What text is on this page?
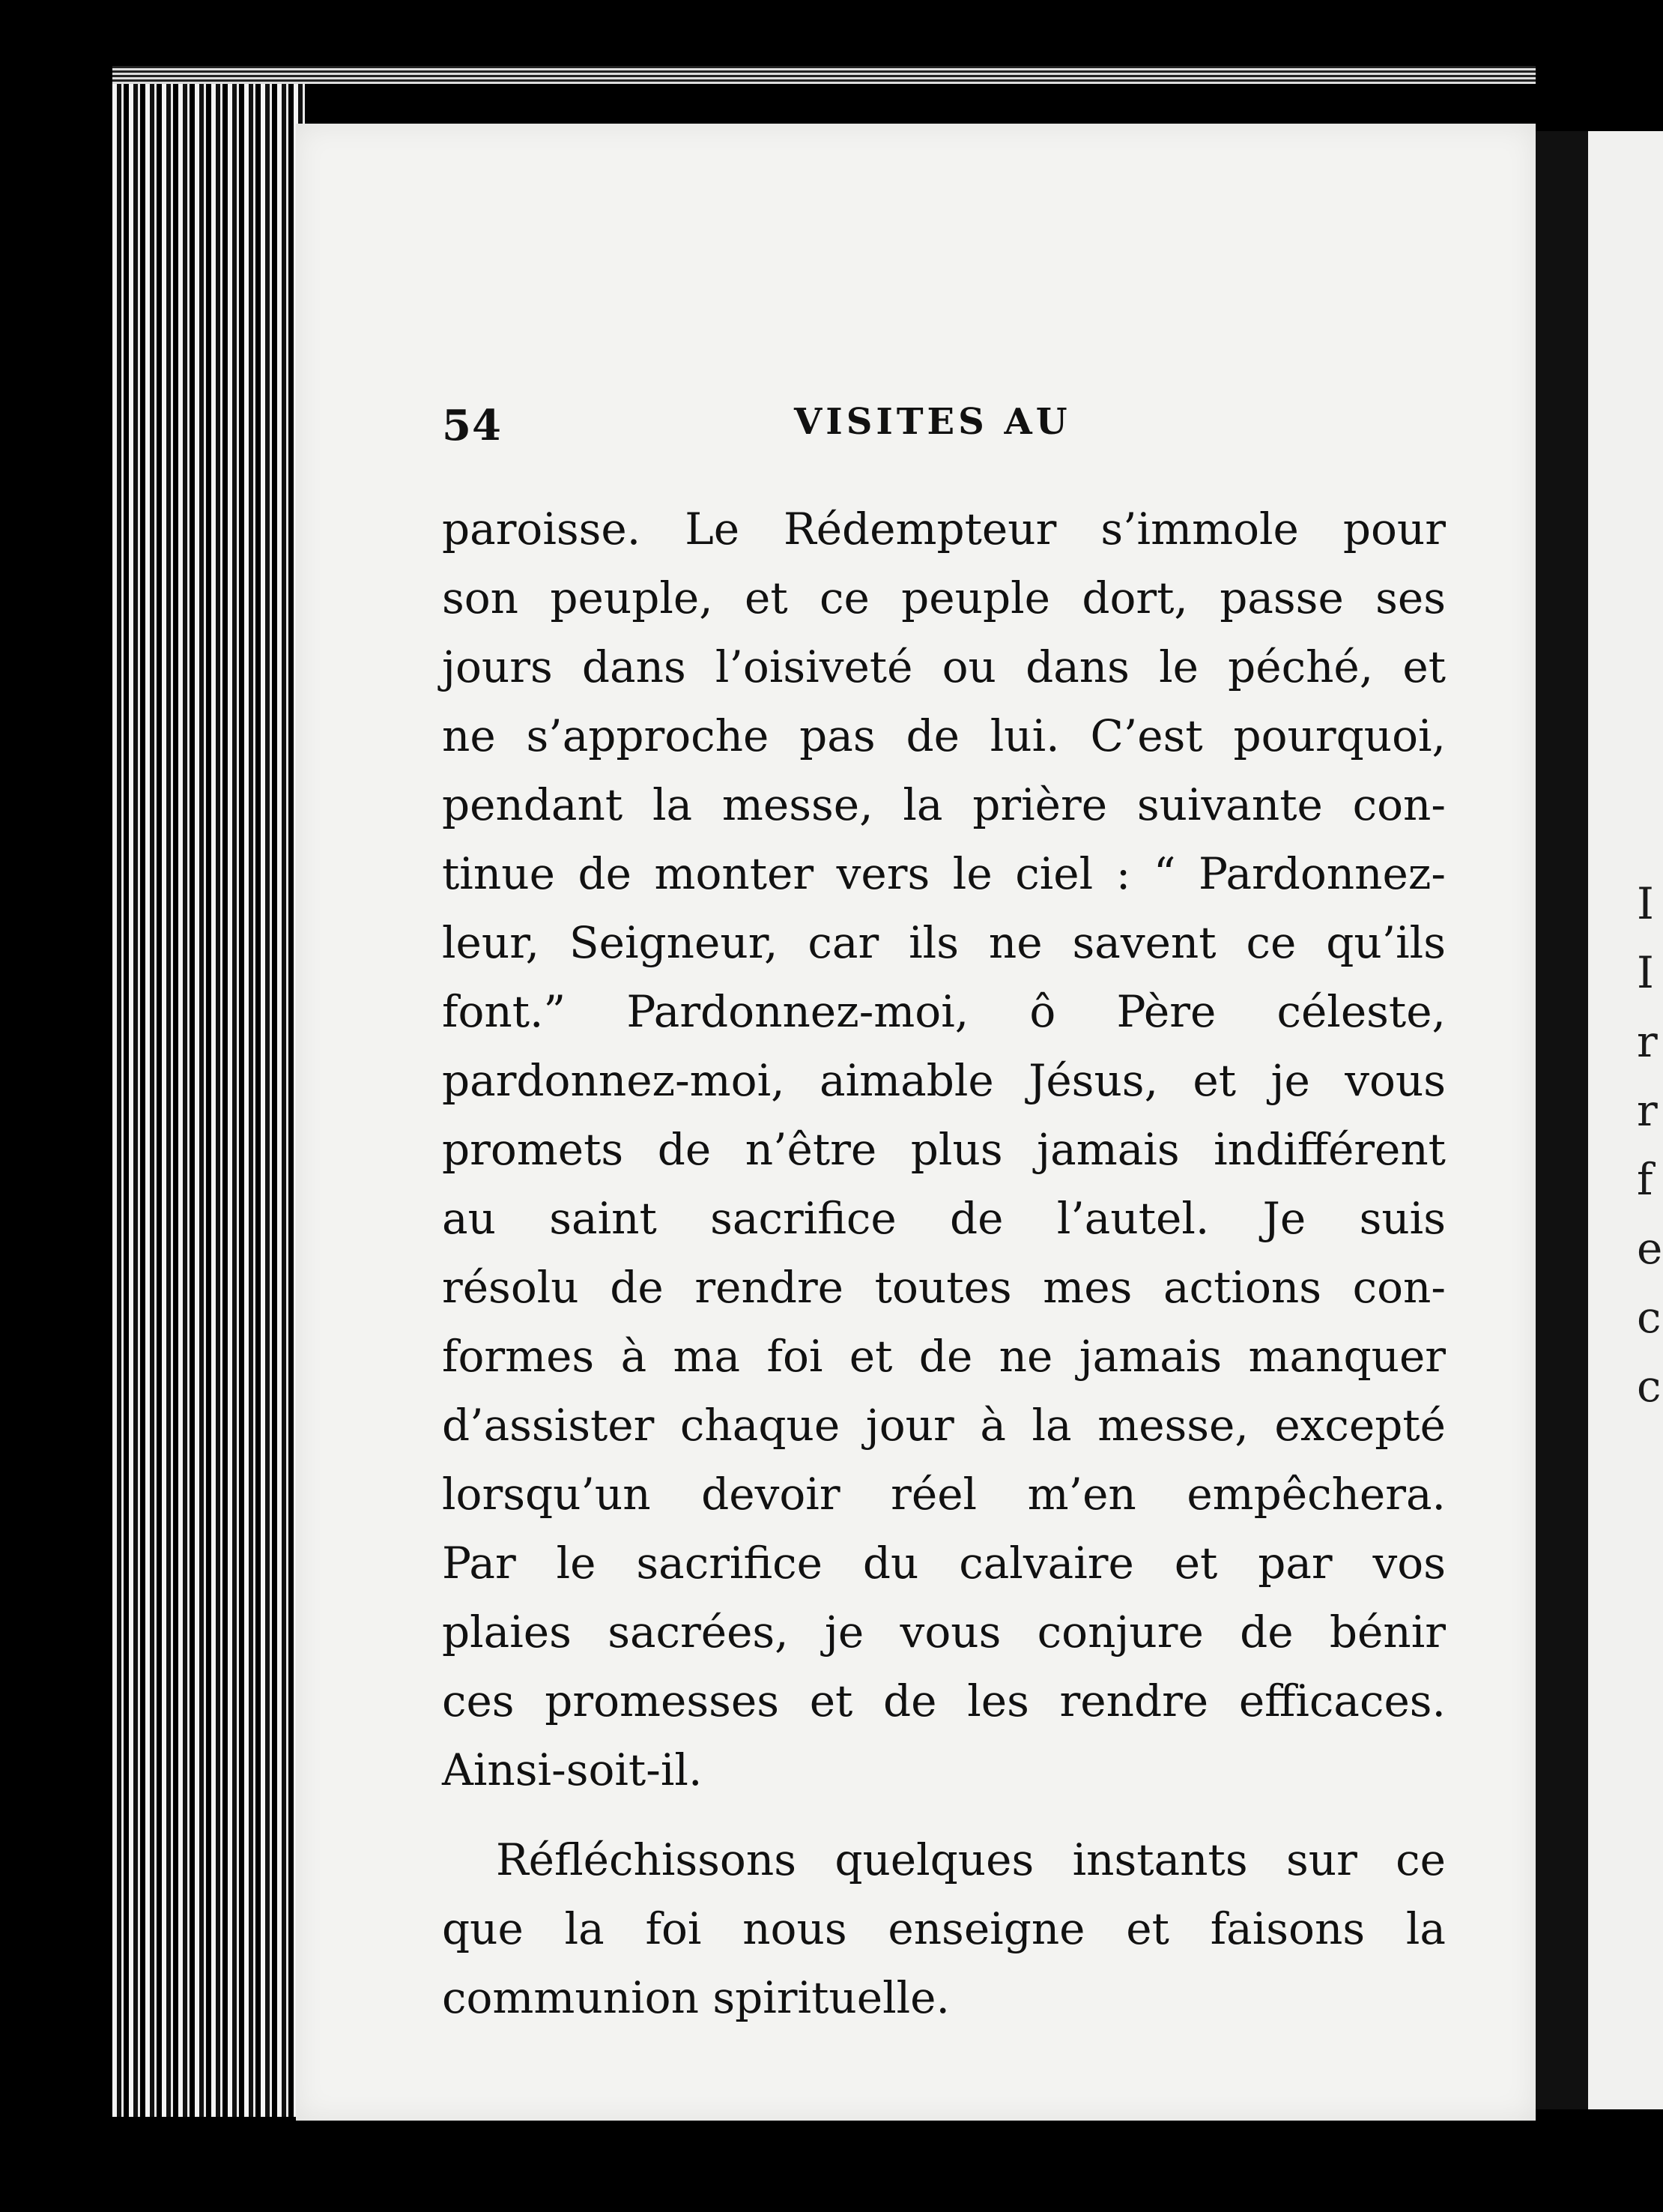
I
I
r
r
f
e
c
c
54	VISITES AU
paroisse. Le Rédempteur s’immole pour
son peuple, et ce peuple dort, passe ses
jours dans l’oisiveté ou dans le péché, et
ne s’approche pas de lui. C’est pourquoi,
pendant la messe, la prière suivante con-
tinue de monter vers le ciel : “ Pardonnez-
leur, Seigneur, car ils ne savent ce qu’ils
font.” Pardonnez-moi, ô Père céleste,
pardonnez-moi, aimable Jésus, et je vous
promets de n’être plus jamais indifférent
au saint sacrifice de l’autel. Je suis
résolu de rendre toutes mes actions con-
formes à ma foi et de ne jamais manquer
d’assister chaque jour à la messe, excepté
lorsqu’un devoir réel m’en empêchera.
Par le sacrifice du calvaire et par vos
plaies sacrées, je vous conjure de bénir
ces promesses et de les rendre efficaces.
Ainsi-soit-il.
Réfléchissons quelques instants sur ce
que la foi nous enseigne et faisons la
communion spirituelle.
